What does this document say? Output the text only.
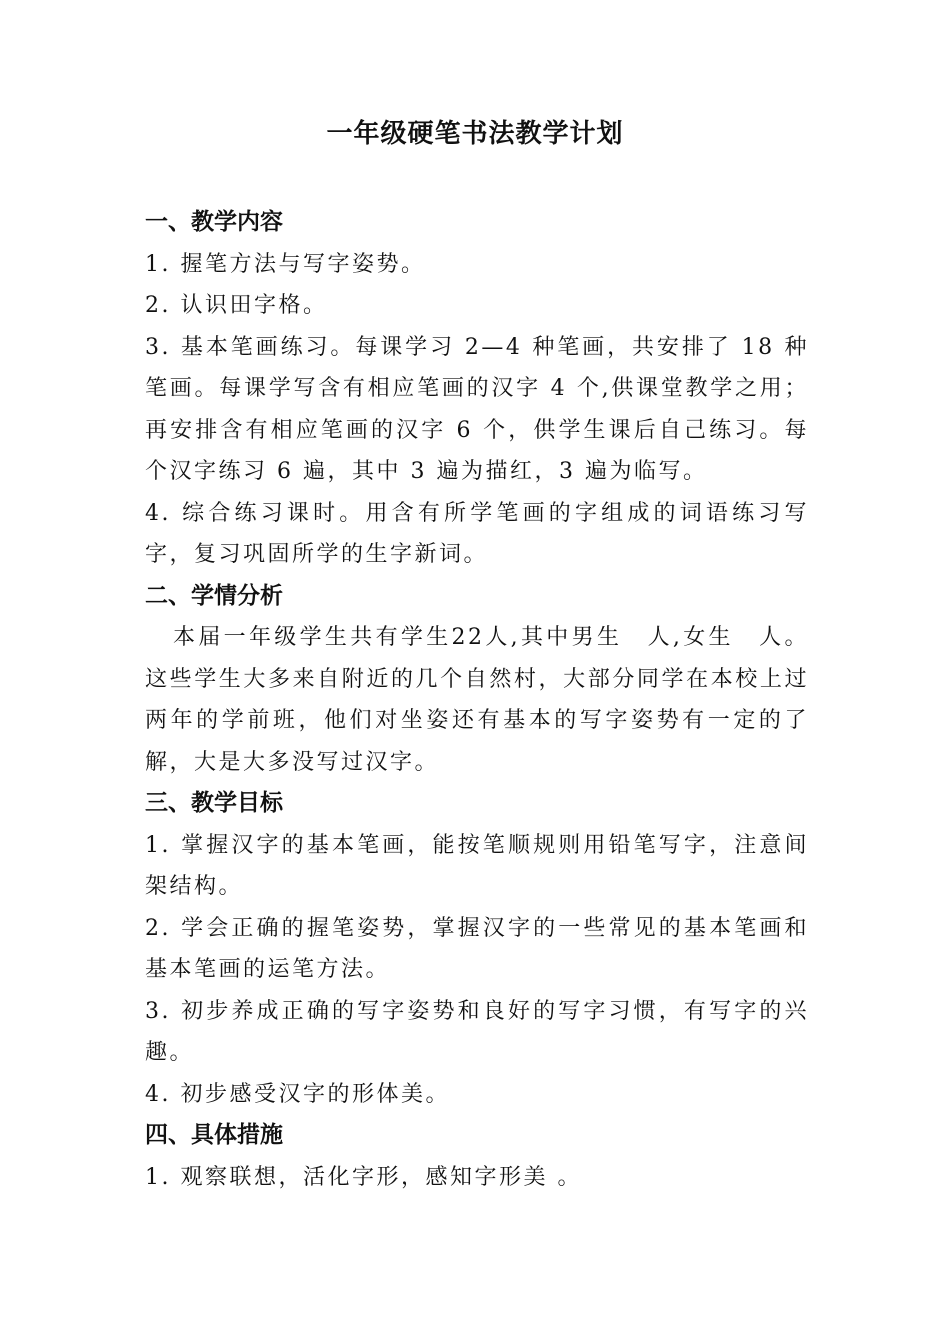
一年级硬笔书法教学计划
一、教学内容
1. 握笔方法与写字姿势。
2. 认识田字格。
3. 基本笔画练习。每课学习 2—4 种笔画，共安排了 18 种笔画。每课学写含有相应笔画的汉字 4 个,供课堂教学之用；再安排含有相应笔画的汉字 6 个，供学生课后自己练习。每个汉字练习 6 遍，其中 3 遍为描红，3 遍为临写。
4. 综合练习课时。用含有所学笔画的字组成的词语练习写字，复习巩固所学的生字新词。
二、学情分析
本届一年级学生共有学生22人,其中男生　人,女生　人。这些学生大多来自附近的几个自然村，大部分同学在本校上过两年的学前班，他们对坐姿还有基本的写字姿势有一定的了解，大是大多没写过汉字。
三、教学目标
1. 掌握汉字的基本笔画，能按笔顺规则用铅笔写字，注意间架结构。
2. 学会正确的握笔姿势，掌握汉字的一些常见的基本笔画和基本笔画的运笔方法。
3. 初步养成正确的写字姿势和良好的写字习惯，有写字的兴趣。
4. 初步感受汉字的形体美。
四、具体措施
1. 观察联想，活化字形，感知字形美 。
